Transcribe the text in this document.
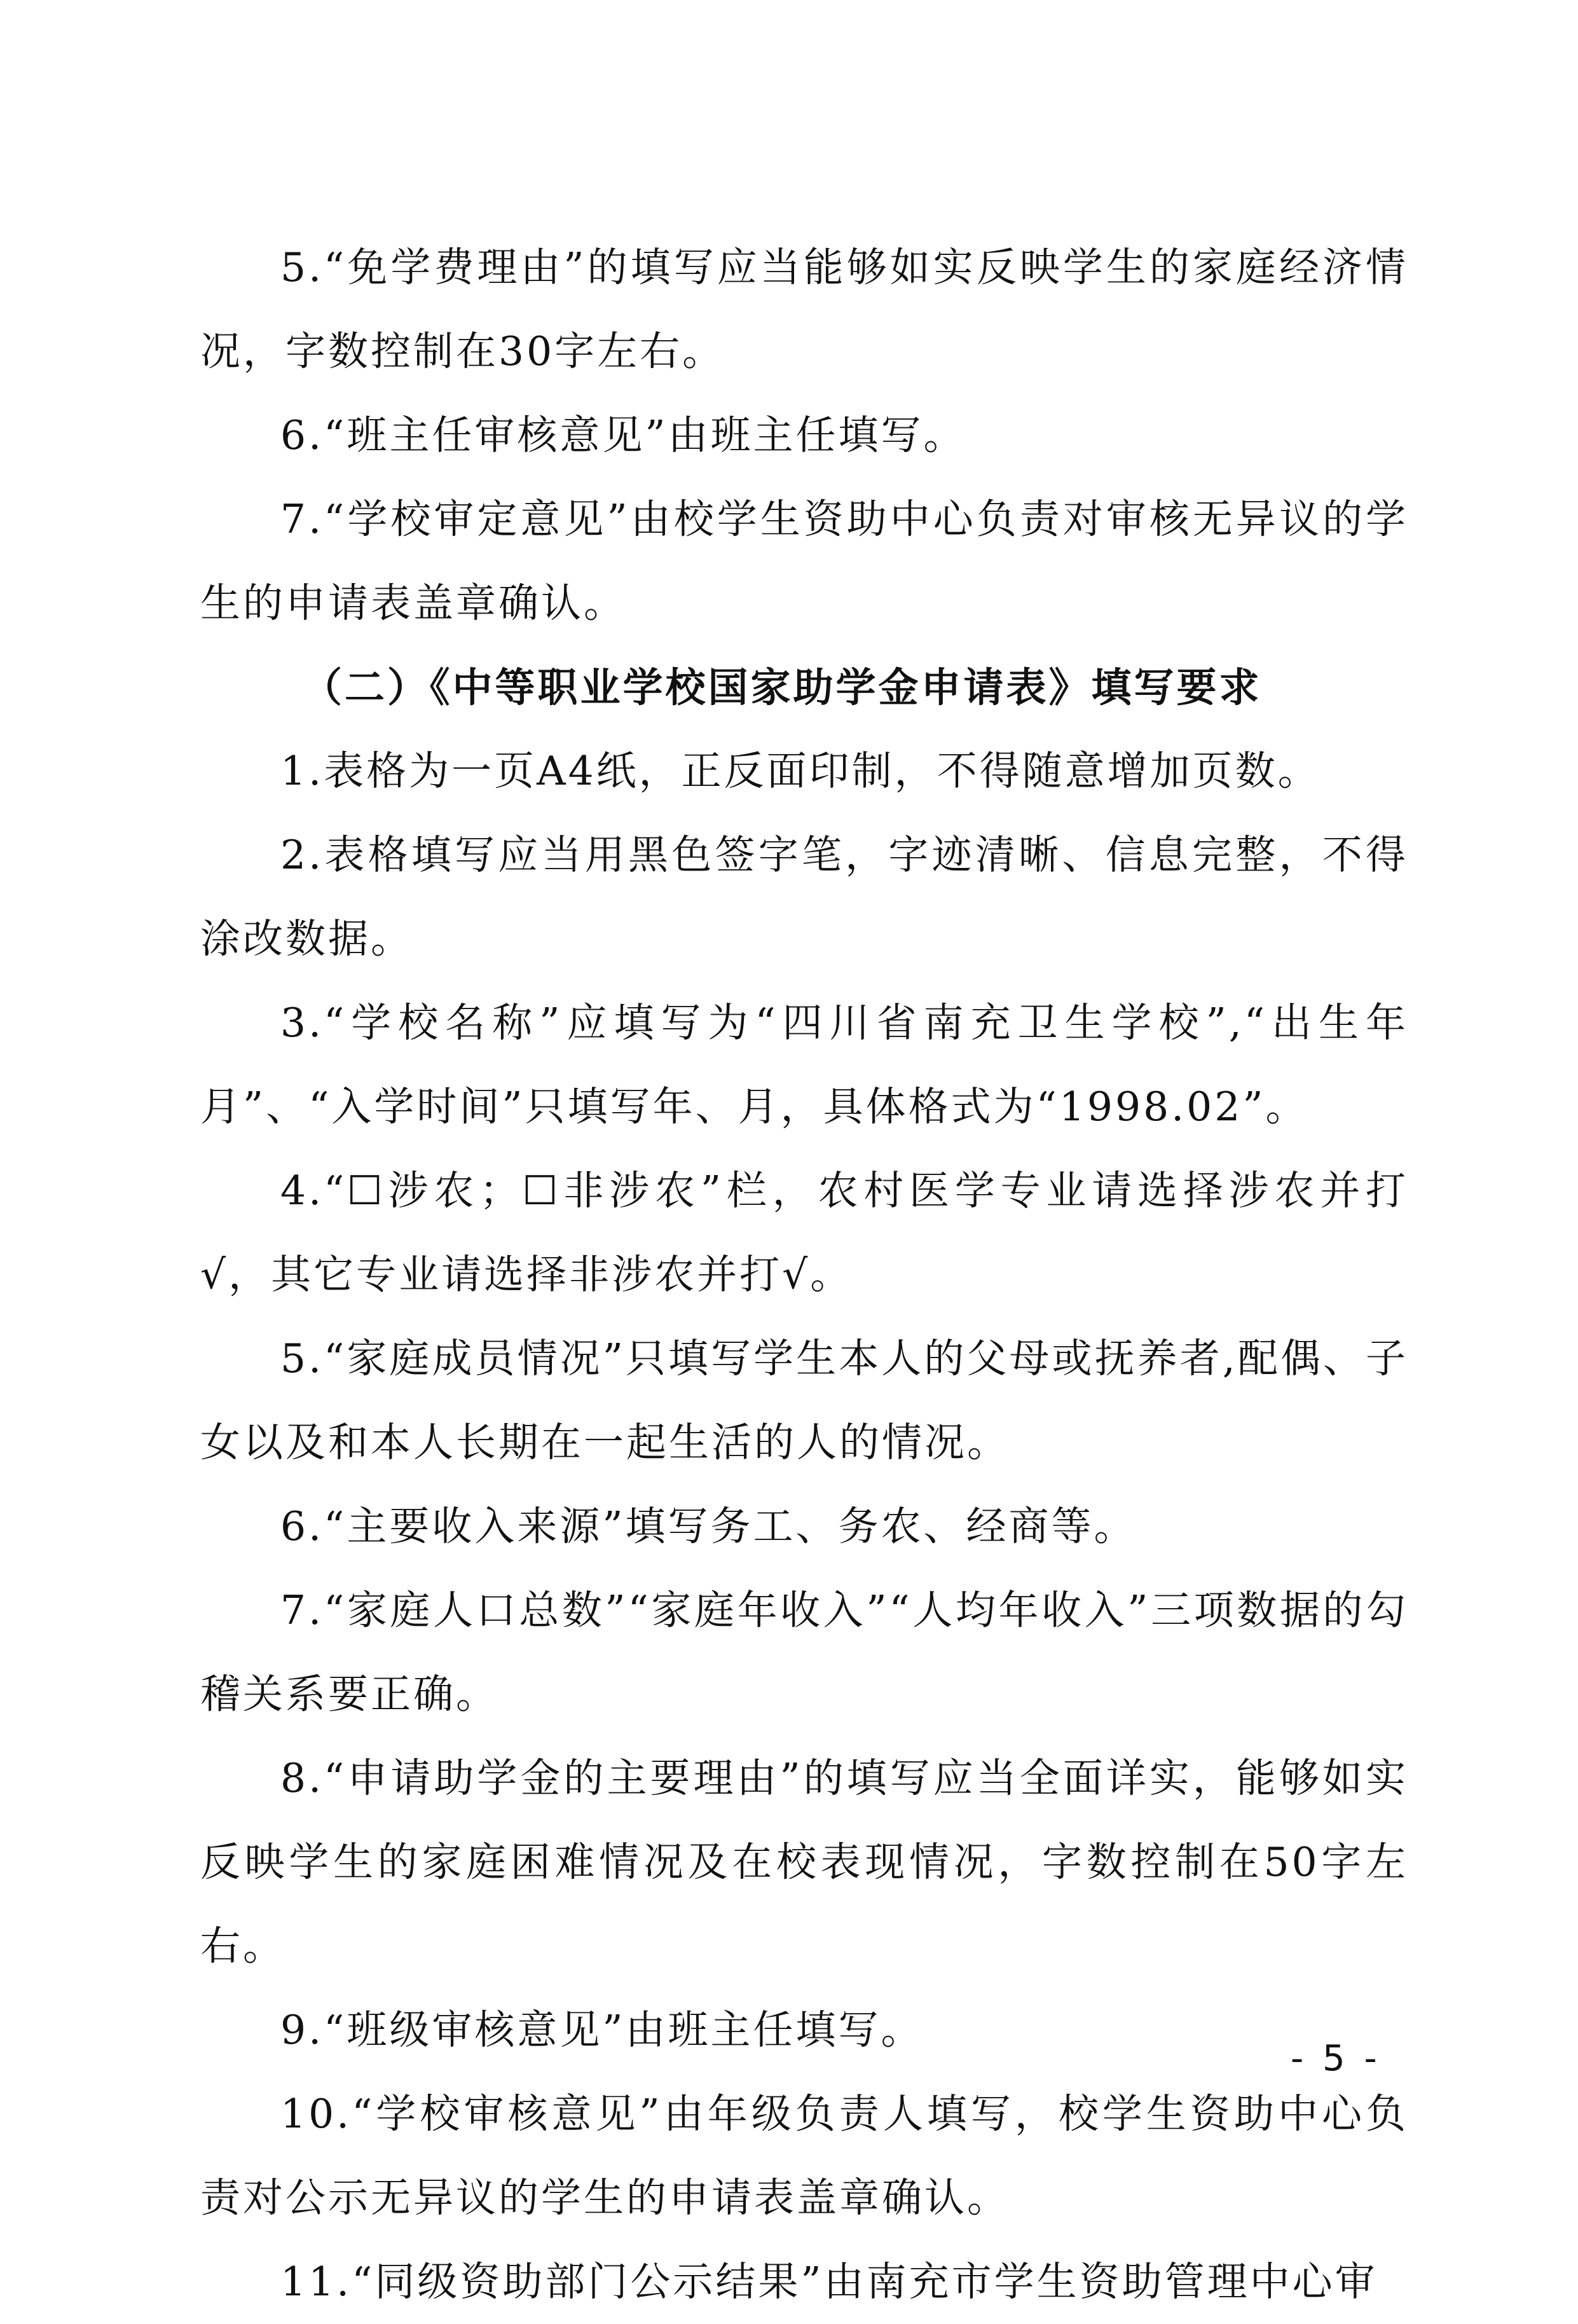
5.“免学费理由”的填写应当能够如实反映学生的家庭经济情况，字数控制在30字左右。

6.“班主任审核意见”由班主任填写。

7.“学校审定意见”由校学生资助中心负责对审核无异议的学生的申请表盖章确认。

（二）《中等职业学校国家助学金申请表》填写要求

1.表格为一页A4纸，正反面印制，不得随意增加页数。

2.表格填写应当用黑色签字笔，字迹清晰、信息完整，不得涂改数据。

3.“学校名称”应填写为“四川省南充卫生学校”,“出生年月”、“入学时间”只填写年、月，具体格式为“1998.02”。

4.“☐涉农；☐非涉农”栏，农村医学专业请选择涉农并打√，其它专业请选择非涉农并打√。

5.“家庭成员情况”只填写学生本人的父母或抚养者,配偶、子女以及和本人长期在一起生活的人的情况。

6.“主要收入来源”填写务工、务农、经商等。

7.“家庭人口总数”“家庭年收入”“人均年收入”三项数据的勾稽关系要正确。

8.“申请助学金的主要理由”的填写应当全面详实，能够如实反映学生的家庭困难情况及在校表现情况，字数控制在50字左右。

9.“班级审核意见”由班主任填写。

10.“学校审核意见”由年级负责人填写，校学生资助中心负责对公示无异议的学生的申请表盖章确认。

11.“同级资助部门公示结果”由南充市学生资助管理中心审

- 5 -
